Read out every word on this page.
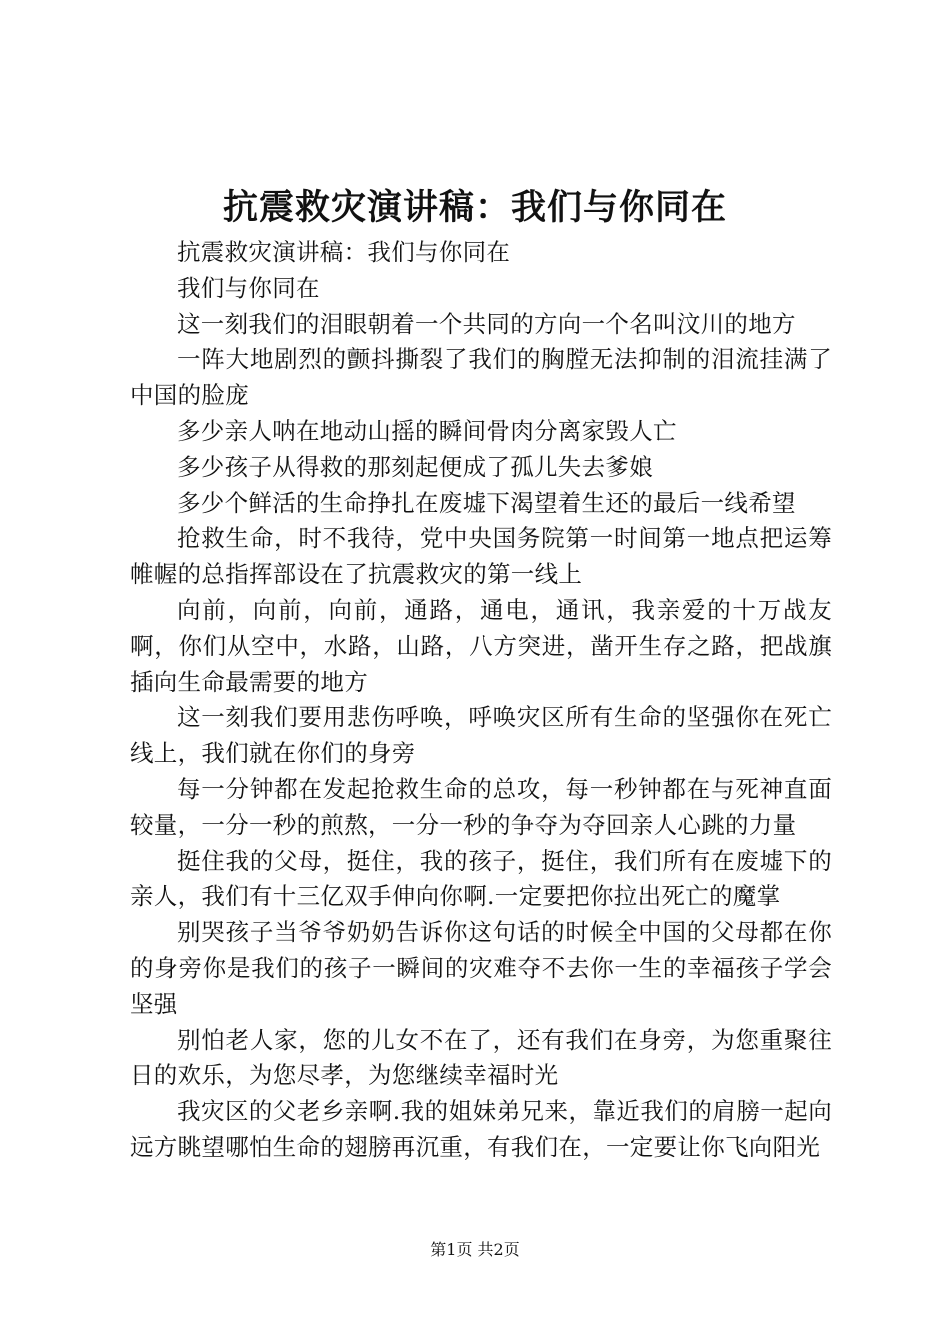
抗震救灾演讲稿：我们与你同在

抗震救灾演讲稿：我们与你同在

我们与你同在

这一刻我们的泪眼朝着一个共同的方向一个名叫汶川的地方

一阵大地剧烈的颤抖撕裂了我们的胸膛无法抑制的泪流挂满了中国的脸庞

多少亲人呐在地动山摇的瞬间骨肉分离家毁人亡

多少孩子从得救的那刻起便成了孤儿失去爹娘

多少个鲜活的生命挣扎在废墟下渴望着生还的最后一线希望

抢救生命，时不我待，党中央国务院第一时间第一地点把运筹帷幄的总指挥部设在了抗震救灾的第一线上

向前，向前，向前，通路，通电，通讯，我亲爱的十万战友啊，你们从空中，水路，山路，八方突进，凿开生存之路，把战旗插向生命最需要的地方

这一刻我们要用悲伤呼唤，呼唤灾区所有生命的坚强你在死亡线上，我们就在你们的身旁

每一分钟都在发起抢救生命的总攻，每一秒钟都在与死神直面较量，一分一秒的煎熬，一分一秒的争夺为夺回亲人心跳的力量

挺住我的父母，挺住，我的孩子，挺住，我们所有在废墟下的亲人，我们有十三亿双手伸向你啊.一定要把你拉出死亡的魔掌

别哭孩子当爷爷奶奶告诉你这句话的时候全中国的父母都在你的身旁你是我们的孩子一瞬间的灾难夺不去你一生的幸福孩子学会坚强

别怕老人家，您的儿女不在了，还有我们在身旁，为您重聚往日的欢乐，为您尽孝，为您继续幸福时光

我灾区的父老乡亲啊.我的姐妹弟兄来，靠近我们的肩膀一起向远方眺望哪怕生命的翅膀再沉重，有我们在，一定要让你飞向阳光

第1页 共2页
